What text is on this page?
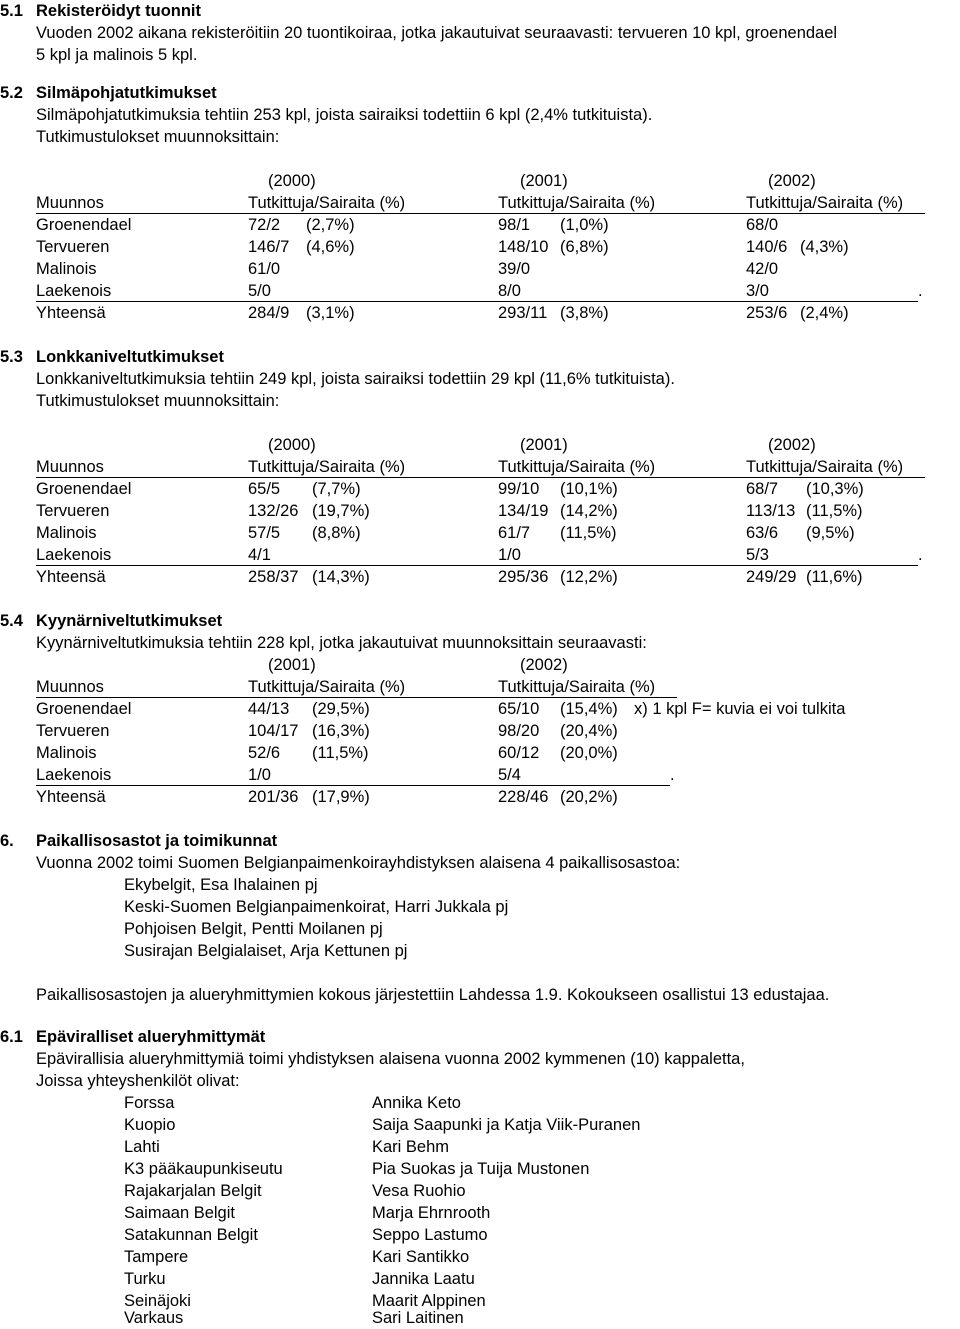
5.1 Rekisteröidyt tuonnit
Vuoden 2002 aikana rekisteröitiin 20 tuontikoiraa, jotka jakautuivat seuraavasti: tervueren 10 kpl, groenendael
5 kpl ja malinois 5 kpl.
5.2 Silmäpohjatutkimukset
Silmäpohjatutkimuksia tehtiin 253 kpl, joista sairaiksi todettiin 6 kpl (2,4% tutkituista).
Tutkimustulokset muunnoksittain:
(2000)	(2001)	(2002)
Muunnos	Tutkittuja/Sairaita (%)	Tutkittuja/Sairaita (%)	Tutkittuja/Sairaita (%)
Groenendael	72/2 (2,7%)	98/1 (1,0%)	68/0
Tervueren	146/7 (4,6%)	148/10 (6,8%)	140/6 (4,3%)
Malinois	61/0	39/0	42/0
Laekenois	5/0	8/0	3/0	.
Yhteensä	284/9 (3,1%)	293/11 (3,8%)	253/6 (2,4%)
5.3 Lonkkaniveltutkimukset
Lonkkaniveltutkimuksia tehtiin 249 kpl, joista sairaiksi todettiin 29 kpl (11,6% tutkituista).
Tutkimustulokset muunnoksittain:
(2000)	(2001)	(2002)
Muunnos	Tutkittuja/Sairaita (%)	Tutkittuja/Sairaita (%)	Tutkittuja/Sairaita (%)
Groenendael	65/5 (7,7%)	99/10 (10,1%)	68/7 (10,3%)
Tervueren	132/26 (19,7%)	134/19 (14,2%)	113/13 (11,5%)
Malinois	57/5 (8,8%)	61/7 (11,5%)	63/6 (9,5%)
Laekenois	4/1	1/0	5/3	.
Yhteensä	258/37 (14,3%)	295/36 (12,2%)	249/29 (11,6%)
5.4 Kyynärniveltutkimukset
Kyynärniveltutkimuksia tehtiin 228 kpl, jotka jakautuivat muunnoksittain seuraavasti:
(2001)	(2002)
Muunnos	Tutkittuja/Sairaita (%)	Tutkittuja/Sairaita (%)
Groenendael	44/13 (29,5%)	65/10 (15,4%) x) 1 kpl F= kuvia ei voi tulkita
Tervueren	104/17 (16,3%)	98/20 (20,4%)
Malinois	52/6 (11,5%)	60/12 (20,0%)
Laekenois	1/0	5/4	.
Yhteensä	201/36 (17,9%)	228/46 (20,2%)
6. Paikallisosastot ja toimikunnat
Vuonna 2002 toimi Suomen Belgianpaimenkoirayhdistyksen alaisena 4 paikallisosastoa:
Ekybelgit, Esa Ihalainen pj
Keski-Suomen Belgianpaimenkoirat, Harri Jukkala pj
Pohjoisen Belgit, Pentti Moilanen pj
Susirajan Belgialaiset, Arja Kettunen pj
Paikallisosastojen ja alueryhmittymien kokous järjestettiin Lahdessa 1.9. Kokoukseen osallistui 13 edustajaa.
6.1 Epäviralliset alueryhmittymät
Epävirallisia alueryhmittymiä toimi yhdistyksen alaisena vuonna 2002 kymmenen (10) kappaletta,
Joissa yhteyshenkilöt olivat:
Forssa	Annika Keto
Kuopio	Saija Saapunki ja Katja Viik-Puranen
Lahti	Kari Behm
K3 pääkaupunkiseutu	Pia Suokas ja Tuija Mustonen
Rajakarjalan Belgit	Vesa Ruohio
Saimaan Belgit	Marja Ehrnrooth
Satakunnan Belgit	Seppo Lastumo
Tampere	Kari Santikko
Turku	Jannika Laatu
Seinäjoki	Maarit Alppinen
Varkaus	Sari Laitinen
